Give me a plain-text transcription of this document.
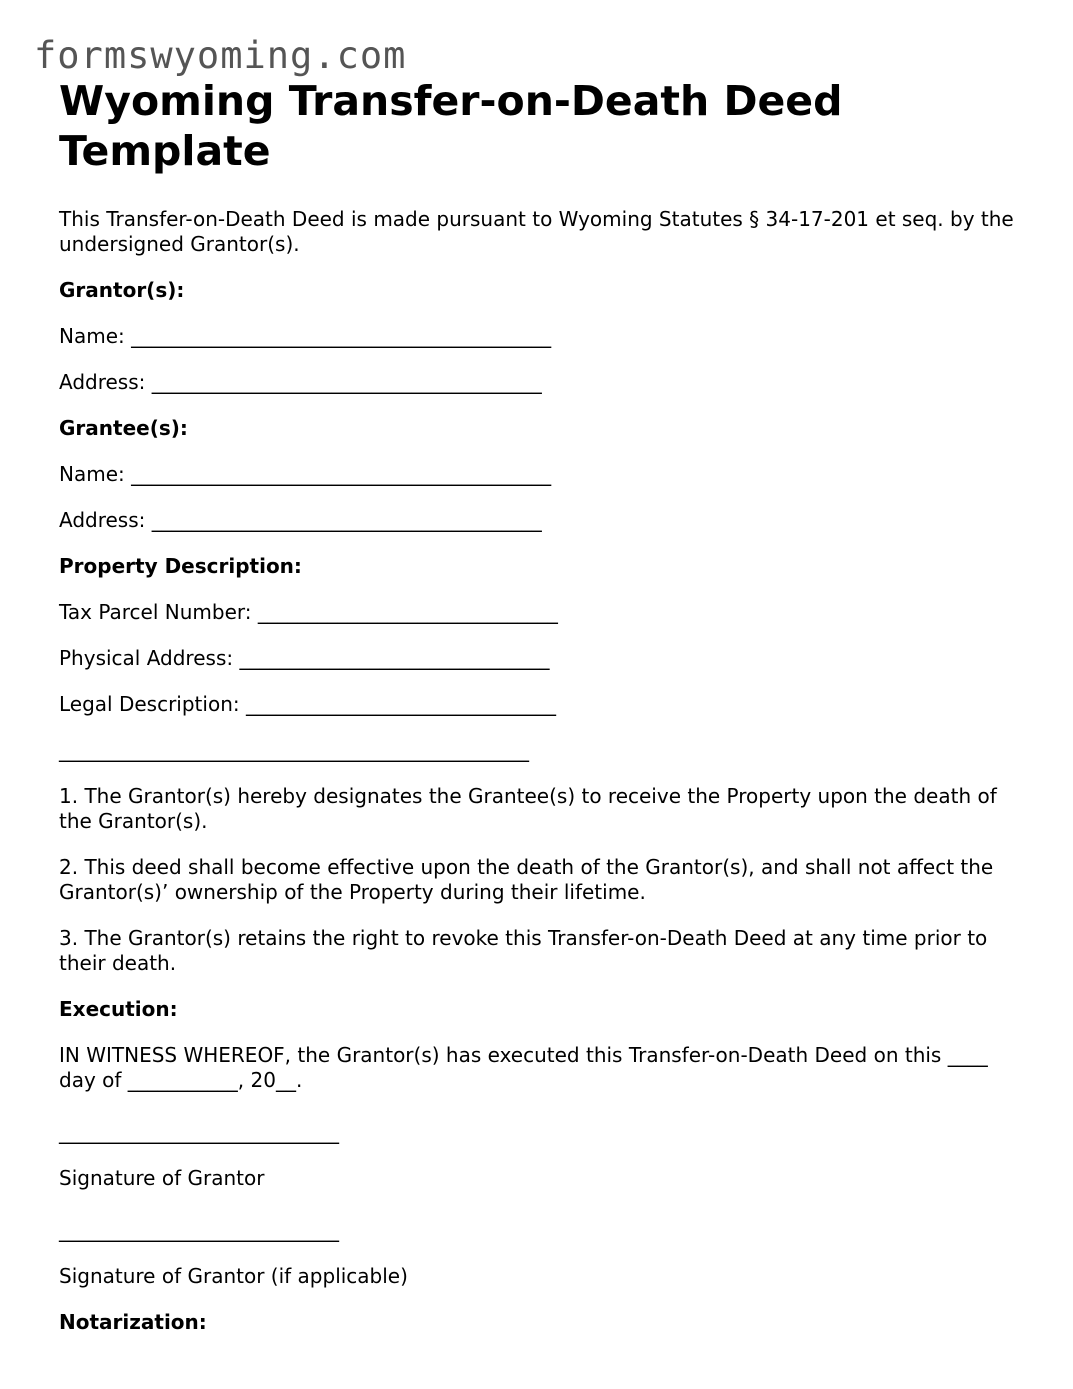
formswyoming.com
Wyoming Transfer-on-Death Deed Template

This Transfer-on-Death Deed is made pursuant to Wyoming Statutes § 34-17-201 et seq. by the undersigned Grantor(s).

Grantor(s):

Name: __________________________________________

Address: _______________________________________

Grantee(s):

Name: __________________________________________

Address: _______________________________________

Property Description:

Tax Parcel Number: ______________________________

Physical Address: _______________________________

Legal Description: _______________________________

_______________________________________________

1. The Grantor(s) hereby designates the Grantee(s) to receive the Property upon the death of the Grantor(s).

2. This deed shall become effective upon the death of the Grantor(s), and shall not affect the Grantor(s)’ ownership of the Property during their lifetime.

3. The Grantor(s) retains the right to revoke this Transfer-on-Death Deed at any time prior to their death.

Execution:

IN WITNESS WHEREOF, the Grantor(s) has executed this Transfer-on-Death Deed on this ____ day of ___________, 20__.

____________________________

Signature of Grantor

____________________________

Signature of Grantor (if applicable)

Notarization:
